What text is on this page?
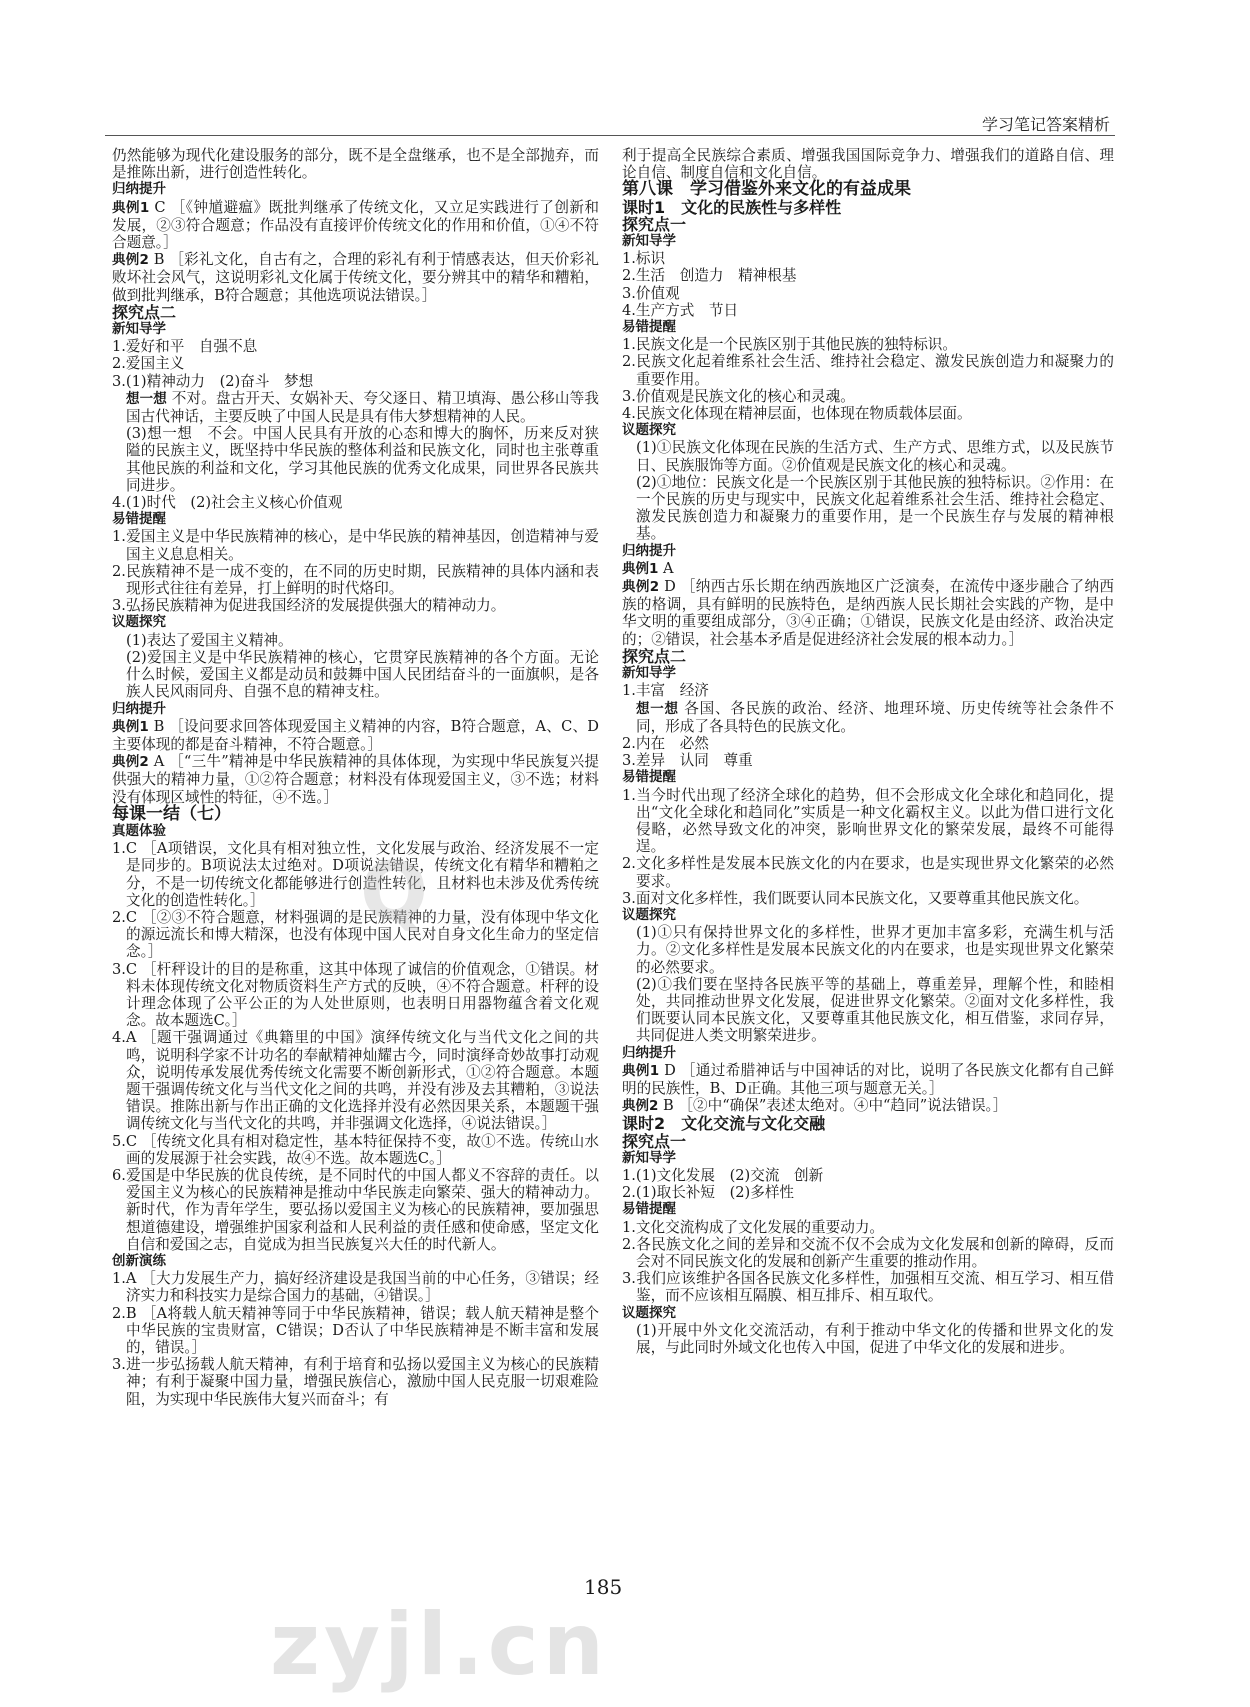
学习笔记答案精析

仍然能够为现代化建设服务的部分，既不是全盘继承，也不是全部抛弃，而是推陈出新，进行创造性转化。

归纳提升

典例1 C ［《钟馗避瘟》既批判继承了传统文化，又立足实践进行了创新和发展，②③符合题意；作品没有直接评价传统文化的作用和价值，①④不符合题意。］

典例2 B ［彩礼文化，自古有之，合理的彩礼有利于情感表达，但天价彩礼败坏社会风气，这说明彩礼文化属于传统文化，要分辨其中的精华和糟粕，做到批判继承，B符合题意；其他选项说法错误。］

探究点二

新知导学

1.爱好和平　自强不息

2.爱国主义

3.(1)精神动力　(2)奋斗　梦想

想一想 不对。盘古开天、女娲补天、夸父逐日、精卫填海、愚公移山等我国古代神话，主要反映了中国人民是具有伟大梦想精神的人民。

(3)想一想　不会。中国人民具有开放的心态和博大的胸怀，历来反对狭隘的民族主义，既坚持中华民族的整体利益和民族文化，同时也主张尊重其他民族的利益和文化，学习其他民族的优秀文化成果，同世界各民族共同进步。

4.(1)时代　(2)社会主义核心价值观

易错提醒

1.爱国主义是中华民族精神的核心，是中华民族的精神基因，创造精神与爱国主义息息相关。

2.民族精神不是一成不变的，在不同的历史时期，民族精神的具体内涵和表现形式往往有差异，打上鲜明的时代烙印。

3.弘扬民族精神为促进我国经济的发展提供强大的精神动力。

议题探究

(1)表达了爱国主义精神。

(2)爱国主义是中华民族精神的核心，它贯穿民族精神的各个方面。无论什么时候，爱国主义都是动员和鼓舞中国人民团结奋斗的一面旗帜，是各族人民风雨同舟、自强不息的精神支柱。

归纳提升

典例1 B ［设问要求回答体现爱国主义精神的内容，B符合题意，A、C、D主要体现的都是奋斗精神，不符合题意。］

典例2 A ［“三牛”精神是中华民族精神的具体体现，为实现中华民族复兴提供强大的精神力量，①②符合题意；材料没有体现爱国主义，③不选；材料没有体现区域性的特征，④不选。］

每课一结（七）

真题体验

1.C ［A项错误，文化具有相对独立性，文化发展与政治、经济发展不一定是同步的。B项说法太过绝对。D项说法错误，传统文化有精华和糟粕之分，不是一切传统文化都能够进行创造性转化，且材料也未涉及优秀传统文化的创造性转化。］

2.C ［②③不符合题意，材料强调的是民族精神的力量，没有体现中华文化的源远流长和博大精深，也没有体现中国人民对自身文化生命力的坚定信念。］

3.C ［杆秤设计的目的是称重，这其中体现了诚信的价值观念，①错误。材料未体现传统文化对物质资料生产方式的反映，④不符合题意。杆秤的设计理念体现了公平公正的为人处世原则，也表明日用器物蕴含着文化观念。故本题选C。］

4.A ［题干强调通过《典籍里的中国》演绎传统文化与当代文化之间的共鸣，说明科学家不计功名的奉献精神灿耀古今，同时演绎奇妙故事打动观众，说明传承发展优秀传统文化需要不断创新形式，①②符合题意。本题题干强调传统文化与当代文化之间的共鸣，并没有涉及去其糟粕，③说法错误。推陈出新与作出正确的文化选择并没有必然因果关系，本题题干强调传统文化与当代文化的共鸣，并非强调文化选择，④说法错误。］

5.C ［传统文化具有相对稳定性，基本特征保持不变，故①不选。传统山水画的发展源于社会实践，故④不选。故本题选C。］

6.爱国是中华民族的优良传统，是不同时代的中国人都义不容辞的责任。以爱国主义为核心的民族精神是推动中华民族走向繁荣、强大的精神动力。新时代，作为青年学生，要弘扬以爱国主义为核心的民族精神，要加强思想道德建设，增强维护国家利益和人民利益的责任感和使命感，坚定文化自信和爱国之志，自觉成为担当民族复兴大任的时代新人。

创新演练

1.A ［大力发展生产力，搞好经济建设是我国当前的中心任务，③错误；经济实力和科技实力是综合国力的基础，④错误。］

2.B ［A将载人航天精神等同于中华民族精神，错误；载人航天精神是整个中华民族的宝贵财富，C错误；D否认了中华民族精神是不断丰富和发展的，错误。］

3.进一步弘扬载人航天精神，有利于培育和弘扬以爱国主义为核心的民族精神；有利于凝聚中国力量，增强民族信心，激励中国人民克服一切艰难险阻，为实现中华民族伟大复兴而奋斗；有

利于提高全民族综合素质、增强我国国际竞争力、增强我们的道路自信、理论自信、制度自信和文化自信。

第八课　学习借鉴外来文化的有益成果

课时1　文化的民族性与多样性

探究点一

新知导学

1.标识

2.生活　创造力　精神根基

3.价值观

4.生产方式　节日

易错提醒

1.民族文化是一个民族区别于其他民族的独特标识。

2.民族文化起着维系社会生活、维持社会稳定、激发民族创造力和凝聚力的重要作用。

3.价值观是民族文化的核心和灵魂。

4.民族文化体现在精神层面，也体现在物质载体层面。

议题探究

(1)①民族文化体现在民族的生活方式、生产方式、思维方式，以及民族节日、民族服饰等方面。②价值观是民族文化的核心和灵魂。

(2)①地位：民族文化是一个民族区别于其他民族的独特标识。②作用：在一个民族的历史与现实中，民族文化起着维系社会生活、维持社会稳定、激发民族创造力和凝聚力的重要作用，是一个民族生存与发展的精神根基。

归纳提升

典例1 A

典例2 D ［纳西古乐长期在纳西族地区广泛演奏，在流传中逐步融合了纳西族的格调，具有鲜明的民族特色，是纳西族人民长期社会实践的产物，是中华文明的重要组成部分，③④正确；①错误，民族文化是由经济、政治决定的；②错误，社会基本矛盾是促进经济社会发展的根本动力。］

探究点二

新知导学

1.丰富　经济

想一想 各国、各民族的政治、经济、地理环境、历史传统等社会条件不同，形成了各具特色的民族文化。

2.内在　必然

3.差异　认同　尊重

易错提醒

1.当今时代出现了经济全球化的趋势，但不会形成文化全球化和趋同化，提出“文化全球化和趋同化”实质是一种文化霸权主义。以此为借口进行文化侵略，必然导致文化的冲突，影响世界文化的繁荣发展，最终不可能得逞。

2.文化多样性是发展本民族文化的内在要求，也是实现世界文化繁荣的必然要求。

3.面对文化多样性，我们既要认同本民族文化，又要尊重其他民族文化。

议题探究

(1)①只有保持世界文化的多样性，世界才更加丰富多彩，充满生机与活力。②文化多样性是发展本民族文化的内在要求，也是实现世界文化繁荣的必然要求。

(2)①我们要在坚持各民族平等的基础上，尊重差异，理解个性，和睦相处，共同推动世界文化发展，促进世界文化繁荣。②面对文化多样性，我们既要认同本民族文化，又要尊重其他民族文化，相互借鉴，求同存异，共同促进人类文明繁荣进步。

归纳提升

典例1 D ［通过希腊神话与中国神话的对比，说明了各民族文化都有自己鲜明的民族性，B、D正确。其他三项与题意无关。］

典例2 B ［②中“确保”表述太绝对。④中“趋同”说法错误。］

课时2　文化交流与文化交融

探究点一

新知导学

1.(1)文化发展　(2)交流　创新

2.(1)取长补短　(2)多样性

易错提醒

1.文化交流构成了文化发展的重要动力。

2.各民族文化之间的差异和交流不仅不会成为文化发展和创新的障碍，反而会对不同民族文化的发展和创新产生重要的推动作用。

3.我们应该维护各国各民族文化多样性，加强相互交流、相互学习、相互借鉴，而不应该相互隔膜、相互排斥、相互取代。

议题探究

(1)开展中外文化交流活动，有利于推动中华文化的传播和世界文化的发展，与此同时外域文化也传入中国，促进了中华文化的发展和进步。

Q
185
zyjl.cn
